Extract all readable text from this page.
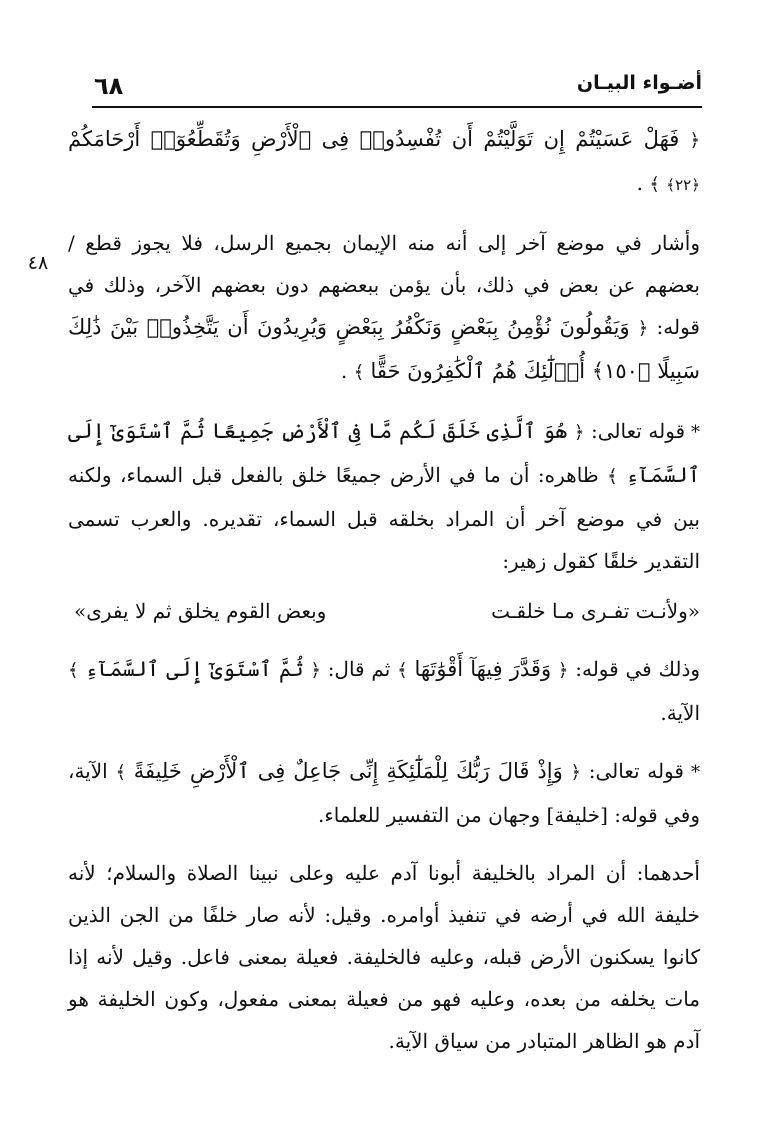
أضـواء البيـان
٦٨
٤٨

﴿ فَهَلْ عَسَيْتُمْ إِن تَوَلَّيْتُمْ أَن تُفْسِدُوا۟ فِى ٱلْأَرْضِ وَتُقَطِّعُوٓا۟ أَرْحَامَكُمْ ﴿٢٢﴾ ﴾ .

وأشار في موضع آخر إلى أنه منه الإيمان بجميع الرسل، فلا يجوز قطع / بعضهم عن بعض في ذلك، بأن يؤمن ببعضهم دون بعضهم الآخر، وذلك في قوله: ﴿ وَيَقُولُونَ نُؤْمِنُ بِبَعْضٍ وَنَكْفُرُ بِبَعْضٍ وَيُرِيدُونَ أَن يَتَّخِذُوا۟ بَيْنَ ذَٰلِكَ سَبِيلًا ﴿١٥٠﴾ أُو۟لَٰٓئِكَ هُمُ ٱلْكَٰفِرُونَ حَقًّا ﴾ .

* قوله تعالى: ﴿ هُوَ ٱلَّذِى خَلَقَ لَكُم مَّا فِى ٱلْأَرْضِ جَمِيعًا ثُمَّ ٱسْتَوَىٰٓ إِلَى ٱلسَّمَآءِ ﴾ ظاهره: أن ما في الأرض جميعًا خلق بالفعل قبل السماء، ولكنه بين في موضع آخر أن المراد بخلقه قبل السماء، تقديره. والعرب تسمى التقدير خلقًا كقول زهير:

«ولأنـت تفـرى مـا خلقـت
وبعض القوم يخلق ثم لا يفرى»

وذلك في قوله: ﴿ وَقَدَّرَ فِيهَآ أَقْوَٰتَهَا ﴾ ثم قال: ﴿ ثُمَّ ٱسْتَوَىٰٓ إِلَى ٱلسَّمَآءِ ﴾ الآية.

* قوله تعالى: ﴿ وَإِذْ قَالَ رَبُّكَ لِلْمَلَٰٓئِكَةِ إِنِّى جَاعِلٌ فِى ٱلْأَرْضِ خَلِيفَةً ﴾ الآية، وفي قوله: [خليفة] وجهان من التفسير للعلماء.

أحدهما: أن المراد بالخليفة أبونا آدم عليه وعلى نبينا الصلاة والسلام؛ لأنه خليفة الله في أرضه في تنفيذ أوامره. وقيل: لأنه صار خلفًا من الجن الذين كانوا يسكنون الأرض قبله، وعليه فالخليفة. فعيلة بمعنى فاعل. وقيل لأنه إذا مات يخلفه من بعده، وعليه فهو من فعيلة بمعنى مفعول، وكون الخليفة هو آدم هو الظاهر المتبادر من سياق الآية.
